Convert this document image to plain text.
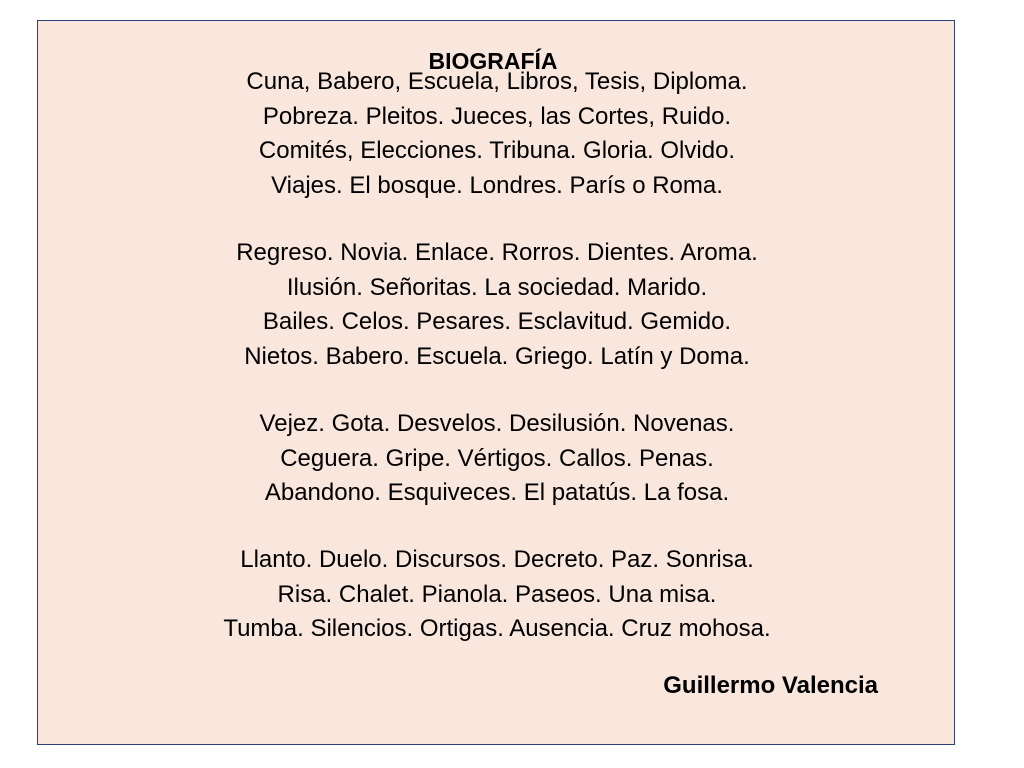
BIOGRAFÍA
Cuna, Babero, Escuela, Libros, Tesis, Diploma.
Pobreza. Pleitos. Jueces, las Cortes, Ruido.
Comités, Elecciones. Tribuna. Gloria. Olvido.
Viajes. El bosque. Londres. París o Roma.
Regreso. Novia. Enlace. Rorros. Dientes. Aroma.
Ilusión. Señoritas. La sociedad. Marido.
Bailes. Celos. Pesares. Esclavitud. Gemido.
Nietos. Babero. Escuela. Griego. Latín y Doma.
Vejez. Gota. Desvelos. Desilusión. Novenas.
Ceguera. Gripe. Vértigos. Callos. Penas.
Abandono. Esquiveces. El patatús. La fosa.
Llanto. Duelo. Discursos. Decreto. Paz. Sonrisa.
Risa. Chalet. Pianola. Paseos. Una misa.
Tumba. Silencios. Ortigas. Ausencia. Cruz mohosa.
Guillermo Valencia
